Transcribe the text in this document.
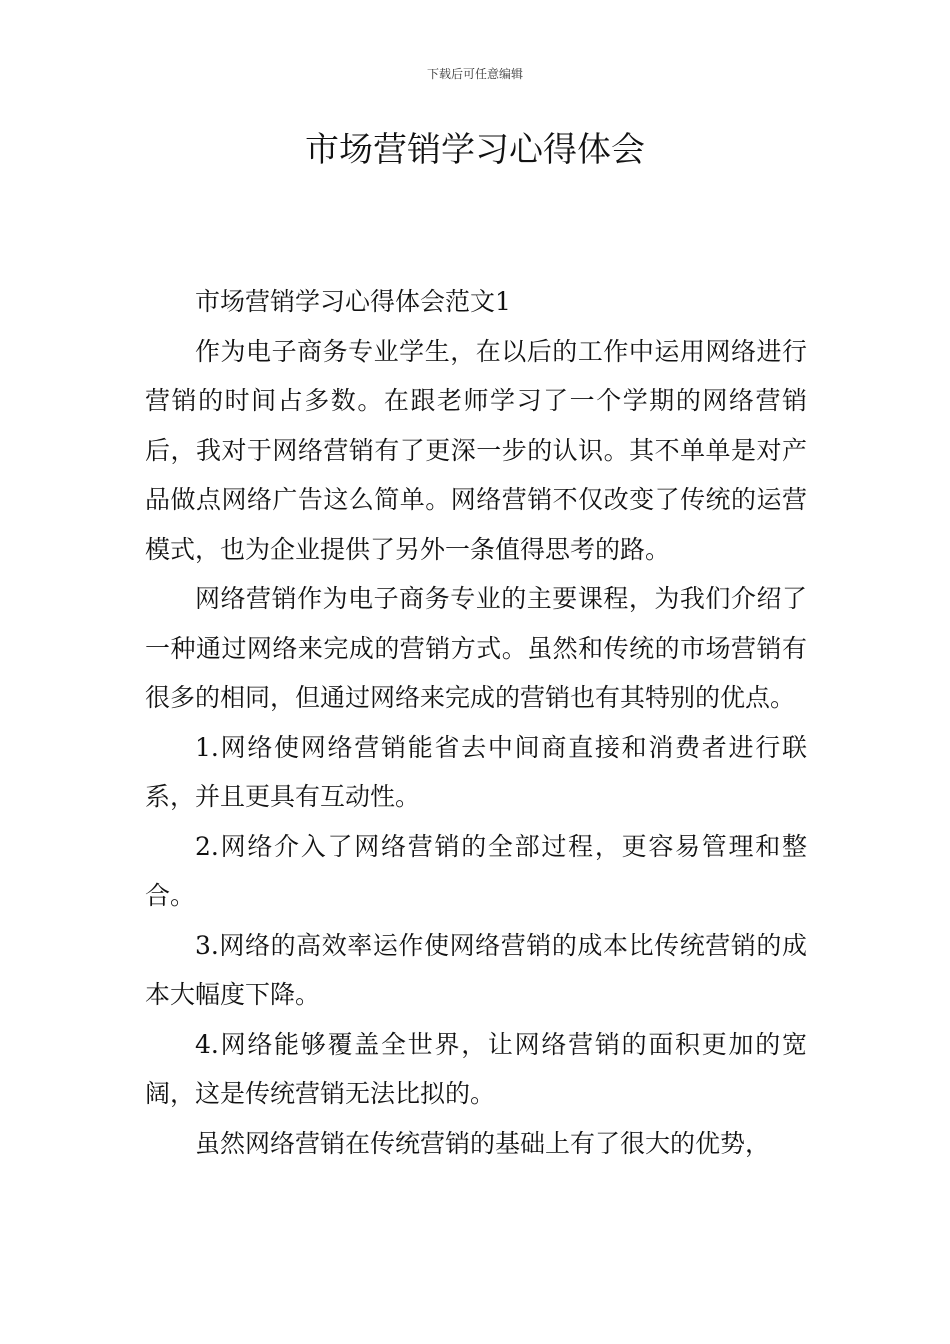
下载后可任意编辑
市场营销学习心得体会

市场营销学习心得体会范文1

作为电子商务专业学生，在以后的工作中运用网络进行营销的时间占多数。在跟老师学习了一个学期的网络营销后，我对于网络营销有了更深一步的认识。其不单单是对产品做点网络广告这么简单。网络营销不仅改变了传统的运营模式，也为企业提供了另外一条值得思考的路。

网络营销作为电子商务专业的主要课程，为我们介绍了一种通过网络来完成的营销方式。虽然和传统的市场营销有很多的相同，但通过网络来完成的营销也有其特别的优点。

1.网络使网络营销能省去中间商直接和消费者进行联系，并且更具有互动性。

2.网络介入了网络营销的全部过程，更容易管理和整合。

3.网络的高效率运作使网络营销的成本比传统营销的成本大幅度下降。

4.网络能够覆盖全世界，让网络营销的面积更加的宽阔，这是传统营销无法比拟的。

虽然网络营销在传统营销的基础上有了很大的优势，
